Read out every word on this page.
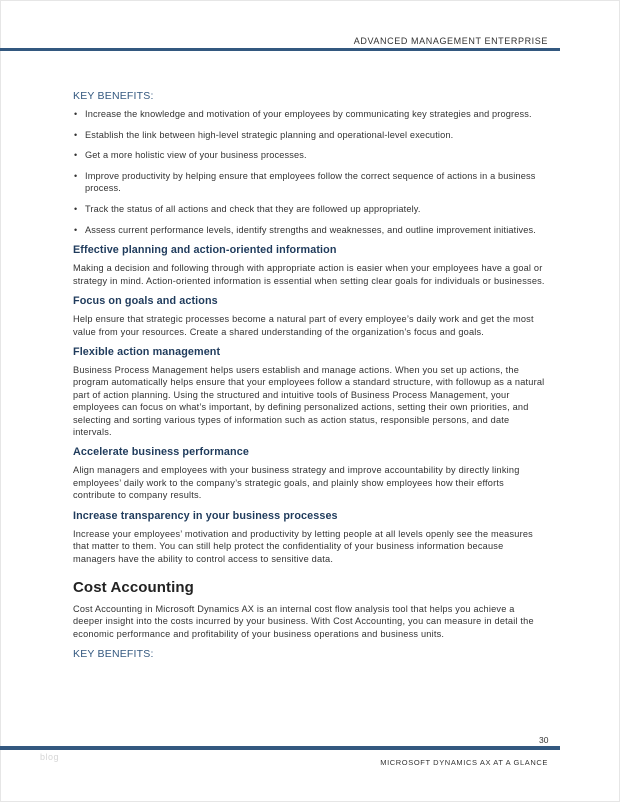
ADVANCED MANAGEMENT ENTERPRISE
KEY BENEFITS:
• Increase the knowledge and motivation of your employees by communicating key strategies and progress.
• Establish the link between high-level strategic planning and operational-level execution.
• Get a more holistic view of your business processes.
• Improve productivity by helping ensure that employees follow the correct sequence of actions in a business process.
• Track the status of all actions and check that they are followed up appropriately.
• Assess current performance levels, identify strengths and weaknesses, and outline improvement initiatives.
Effective planning and action-oriented information

Making a decision and following through with appropriate action is easier when your employees have a goal or strategy in mind. Action-oriented information is essential when setting clear goals for individuals or businesses.

Focus on goals and actions

Help ensure that strategic processes become a natural part of every employee’s daily work and get the most value from your resources. Create a shared understanding of the organization’s focus and goals.

Flexible action management

Business Process Management helps users establish and manage actions. When you set up actions, the program automatically helps ensure that your employees follow a standard structure, with followup as a natural part of action planning. Using the structured and intuitive tools of Business Process Management, your employees can focus on what’s important, by defining personalized actions, setting their own priorities, and selecting and sorting various types of information such as action status, responsible persons, and date intervals.

Accelerate business performance

Align managers and employees with your business strategy and improve accountability by directly linking employees’ daily work to the company’s strategic goals, and plainly show employees how their efforts contribute to company results.

Increase transparency in your business processes

Increase your employees’ motivation and productivity by letting people at all levels openly see the measures that matter to them. You can still help protect the confidentiality of your business information because managers have the ability to control access to sensitive data.

Cost Accounting

Cost Accounting in Microsoft Dynamics AX is an internal cost flow analysis tool that helps you achieve a deeper insight into the costs incurred by your business. With Cost Accounting, you can measure in detail the economic performance and profitability of your business operations and business units.

KEY BENEFITS:
30
blog
MICROSOFT DYNAMICS AX AT A GLANCE
